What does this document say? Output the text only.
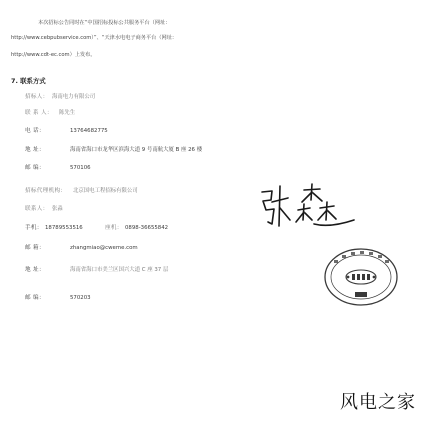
本次招标公告同时在“中国招标投标公共服务平台（网址：
http://www.cebpubservice.com）”、“天津水电电子商务平台（网址：
http://www.cdt-ec.com）上发布。
7. 联系方式
招标人： 海南电力有限公司
联 系 人： 陈先生
电 话：	13764682775
地 址：	海南省海口市龙华区滨海大道 9 号南航大厦 B 座 26 楼
邮 编：	570106
招标代理机构： 北京国电工程招标有限公司
联系人： 张淼
手机： 18789553516	座机： 0898-36655842
邮 箱：	zhangmiao@cweme.com
地 址：	海南省海口市美兰区国兴大道 C 座 37 层
邮 编：	570203
风电之家
